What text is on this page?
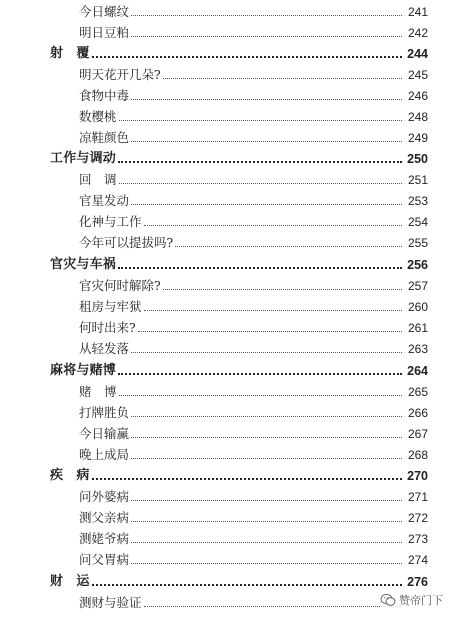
今日螺纹	241
明日豆粕	242
射　覆	244
明天花开几朵?	245
食物中毒	246
数樱桃	248
凉鞋颜色	249
工作与调动	250
回　调	251
官星发动	253
化神与工作	254
今年可以提拔吗?	255
官灾与车祸	256
官灾何时解除?	257
租房与牢狱	260
何时出来?	261
从轻发落	263
麻将与赌博	264
赌　博	265
打牌胜负	266
今日输赢	267
晚上成局	268
疾　病	270
问外婆病	271
测父亲病	272
测姥爷病	273
问父胃病	274
财　运	276
测财与验证	赞帝门下
